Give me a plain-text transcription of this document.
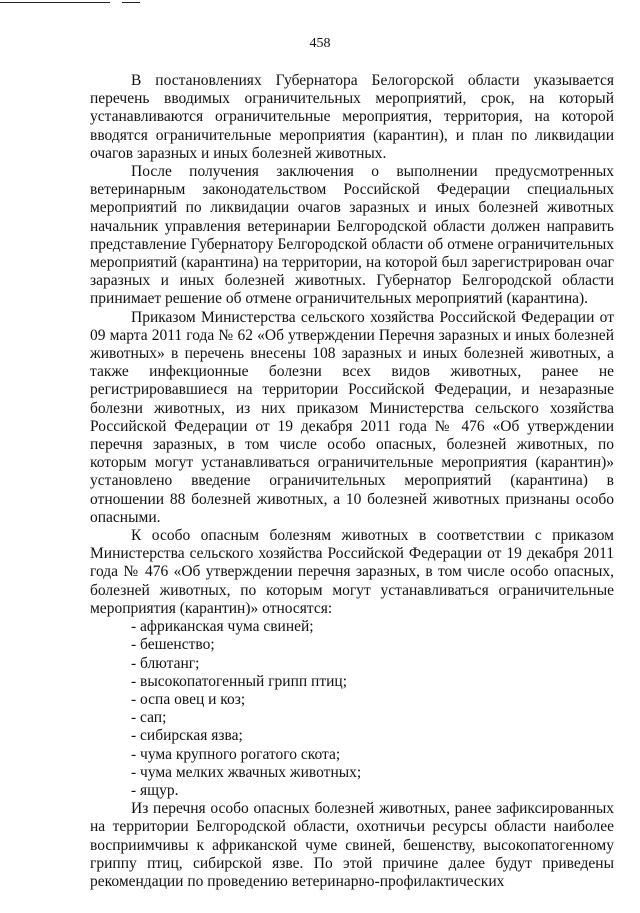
458

В постановлениях Губернатора Белогорской области указывается перечень вводимых ограничительных мероприятий, срок, на который устанавливаются ограничительные мероприятия, территория, на которой вводятся ограничительные мероприятия (карантин), и план по ликвидации очагов заразных и иных болезней животных.

После получения заключения о выполнении предусмотренных ветеринарным законодательством Российской Федерации специальных мероприятий по ликвидации очагов заразных и иных болезней животных начальник управления ветеринарии Белгородской области должен направить представление Губернатору Белгородской области об отмене ограничительных мероприятий (карантина) на территории, на которой был зарегистрирован очаг заразных и иных болезней животных. Губернатор Белгородской области принимает решение об отмене ограничительных мероприятий (карантина).

Приказом Министерства сельского хозяйства Российской Федерации от 09 марта 2011 года № 62 «Об утверждении Перечня заразных и иных болезней животных» в перечень внесены 108 заразных и иных болезней животных, а также инфекционные болезни всех видов животных, ранее не регистрировавшиеся на территории Российской Федерации, и незаразные болезни животных, из них приказом Министерства сельского хозяйства Российской Федерации от 19 декабря 2011 года № 476 «Об утверждении перечня заразных, в том числе особо опасных, болезней животных, по которым могут устанавливаться ограничительные мероприятия (карантин)» установлено введение ограничительных мероприятий (карантина) в отношении 88 болезней животных, а 10 болезней животных признаны особо опасными.

К особо опасным болезням животных в соответствии с приказом Министерства сельского хозяйства Российской Федерации от 19 декабря 2011 года № 476 «Об утверждении перечня заразных, в том числе особо опасных, болезней животных, по которым могут устанавливаться ограничительные мероприятия (карантин)» относятся:

- африканская чума свиней;
- бешенство;
- блютанг;
- высокопатогенный грипп птиц;
- оспа овец и коз;
- сап;
- сибирская язва;
- чума крупного рогатого скота;
- чума мелких жвачных животных;
- ящур.

Из перечня особо опасных болезней животных, ранее зафиксированных на территории Белгородской области, охотничьи ресурсы области наиболее восприимчивы к африканской чуме свиней, бешенству, высокопатогенному гриппу птиц, сибирской язве. По этой причине далее будут приведены рекомендации по проведению ветеринарно-профилактических
